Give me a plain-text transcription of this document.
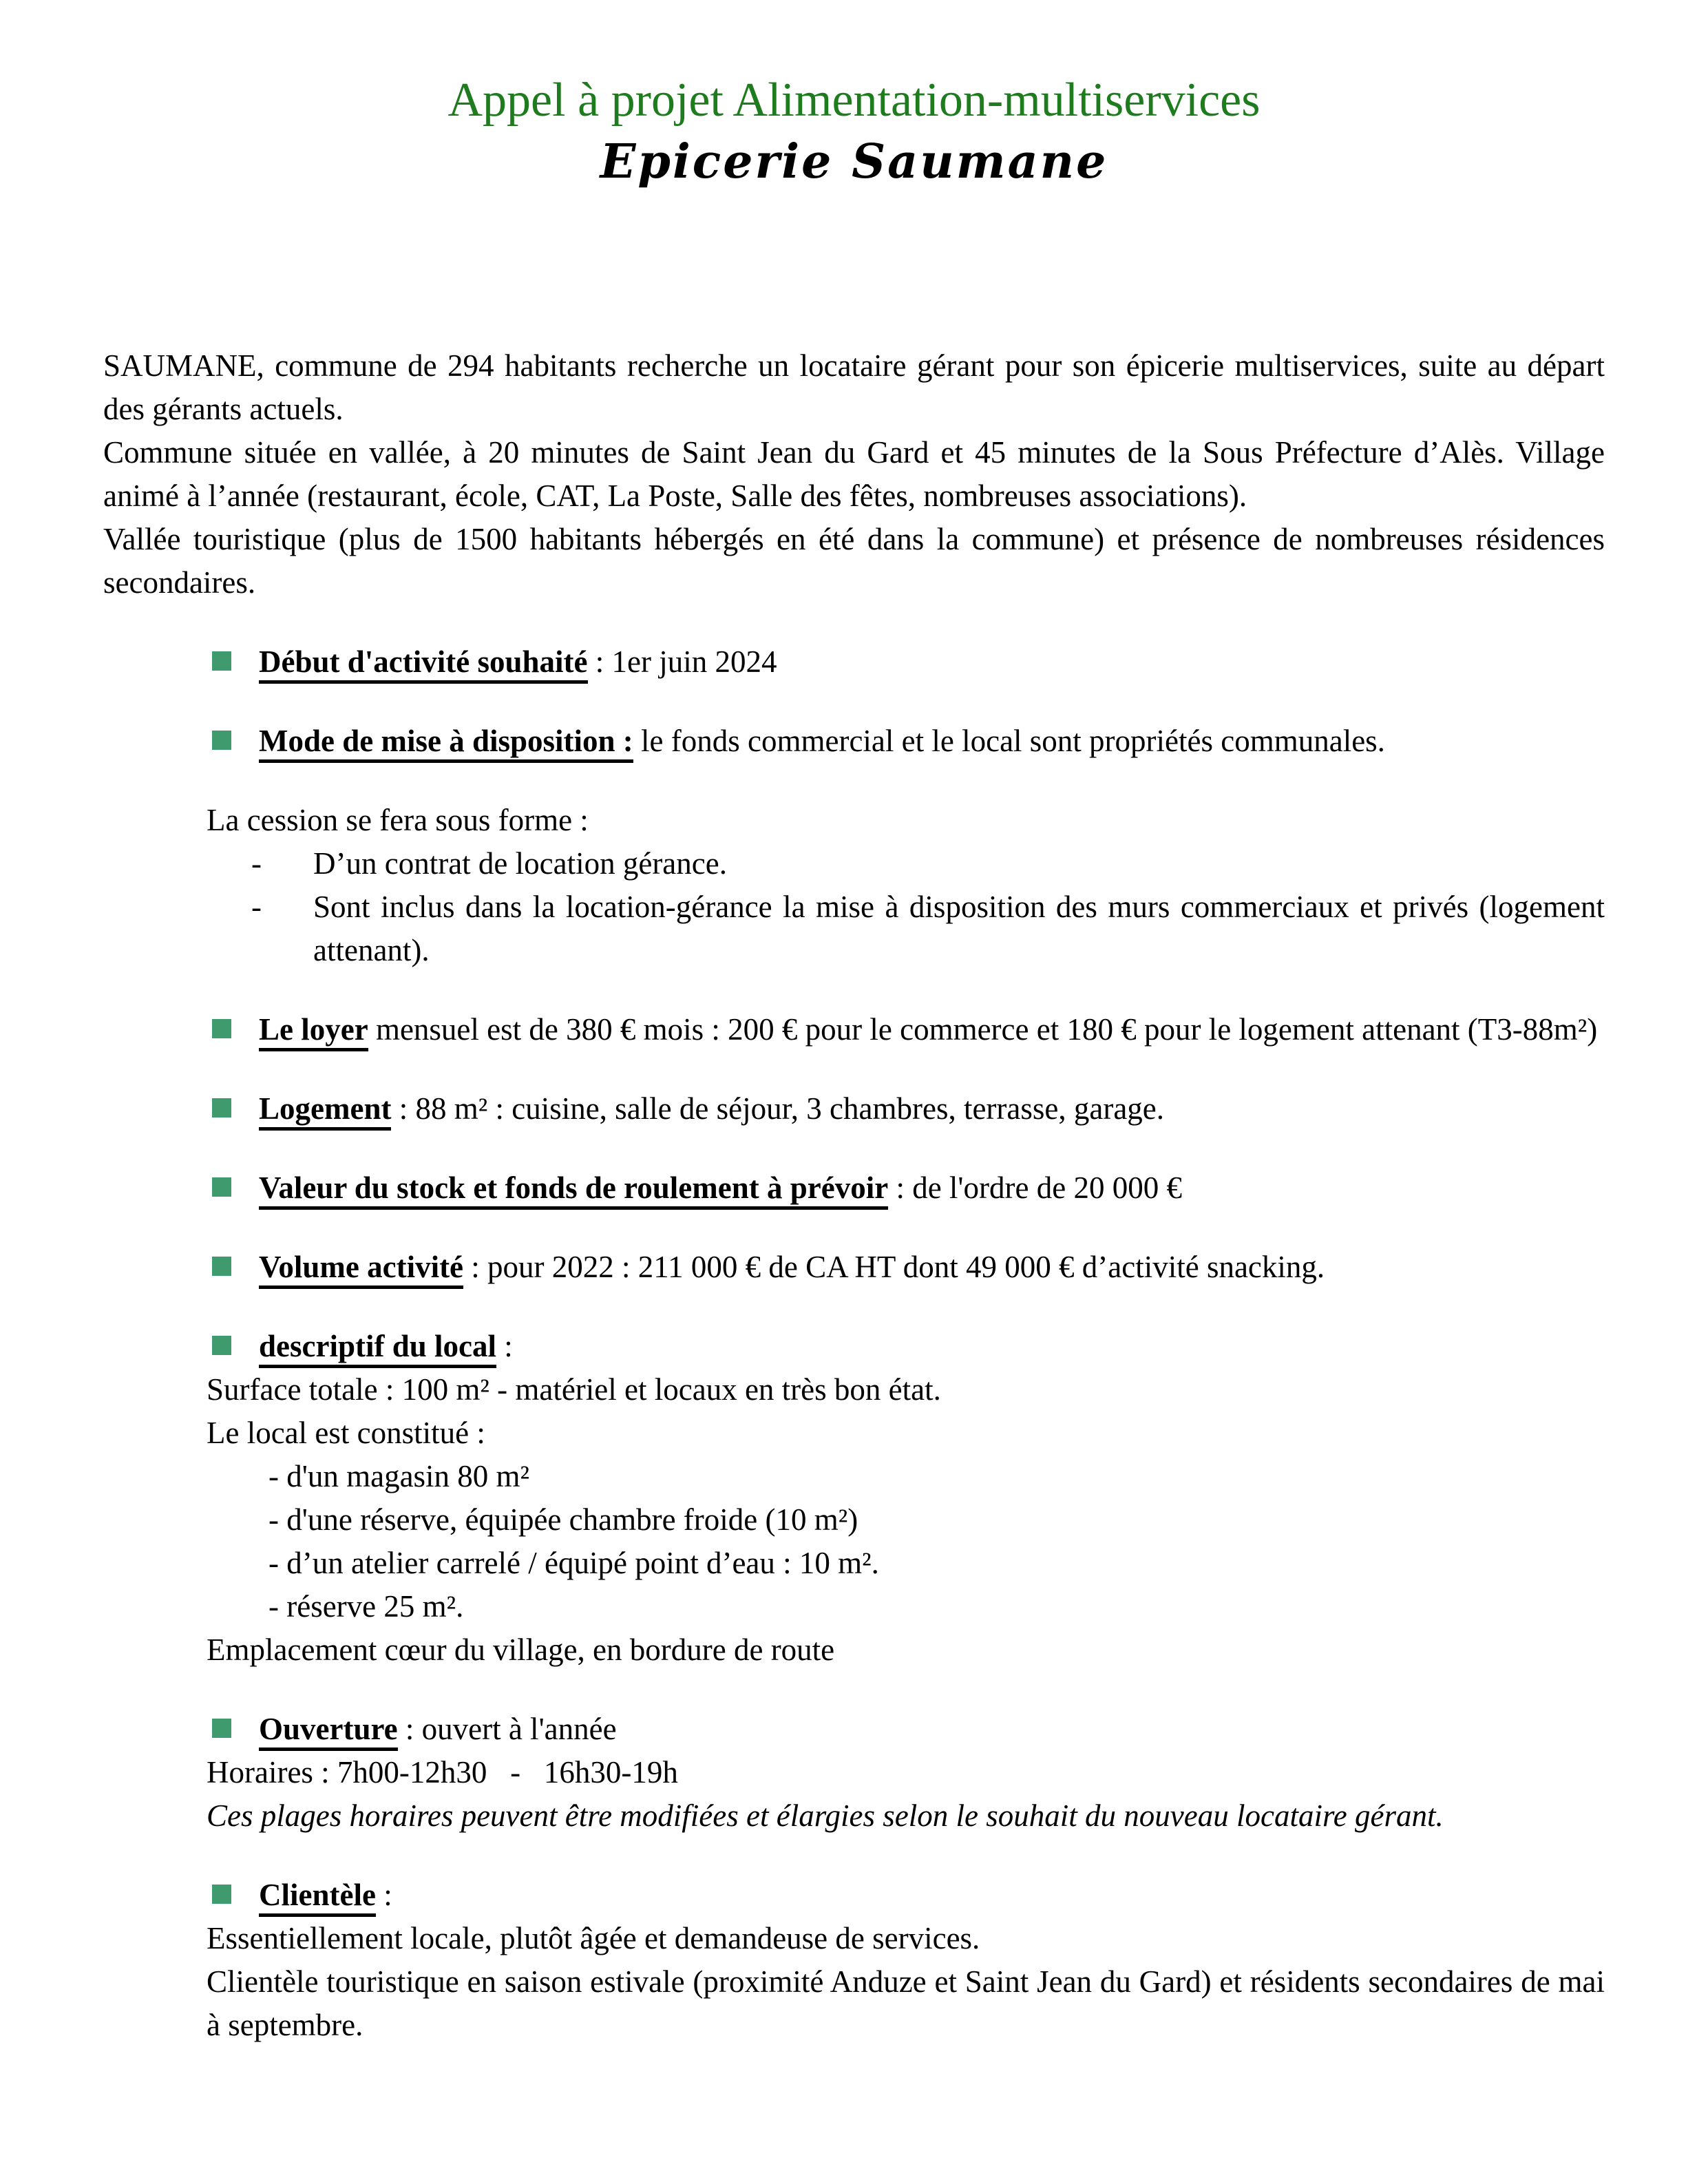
Appel à projet Alimentation-multiservices
Epicerie Saumane

SAUMANE, commune de 294 habitants recherche un locataire gérant pour son épicerie multiservices, suite au départ des gérants actuels.

Commune située en vallée, à 20 minutes de Saint Jean du Gard et 45 minutes de la Sous Préfecture d’Alès. Village animé à l’année (restaurant, école, CAT, La Poste, Salle des fêtes, nombreuses associations).

Vallée touristique (plus de 1500 habitants hébergés en été dans la commune) et présence de nombreuses résidences secondaires.

Début d'activité souhaité : 1er juin 2024

Mode de mise à disposition : le fonds commercial et le local sont propriétés communales.

La cession se fera sous forme :

- D’un contrat de location gérance.

- Sont inclus dans la location-gérance la mise à disposition des murs commerciaux et privés (logement attenant).

Le loyer mensuel est de 380 € mois : 200 € pour le commerce et 180 € pour le logement attenant (T3-88m²)

Logement : 88 m² : cuisine, salle de séjour, 3 chambres, terrasse, garage.

Valeur du stock et fonds de roulement à prévoir : de l'ordre de 20 000 €

Volume activité : pour 2022 : 211 000 € de CA HT dont 49 000 € d’activité snacking.

descriptif du local :

Surface totale : 100 m² - matériel et locaux en très bon état.

Le local est constitué :

- d'un magasin 80 m²

- d'une réserve, équipée chambre froide (10 m²)

- d’un atelier carrelé / équipé point d’eau : 10 m².

- réserve 25 m².

Emplacement cœur du village, en bordure de route

Ouverture : ouvert à l'année

Horaires : 7h00-12h30   -   16h30-19h

Ces plages horaires peuvent être modifiées et élargies selon le souhait du nouveau locataire gérant.

Clientèle :

Essentiellement locale, plutôt âgée et demandeuse de services.

Clientèle touristique en saison estivale (proximité Anduze et Saint Jean du Gard) et résidents secondaires de mai à septembre.
